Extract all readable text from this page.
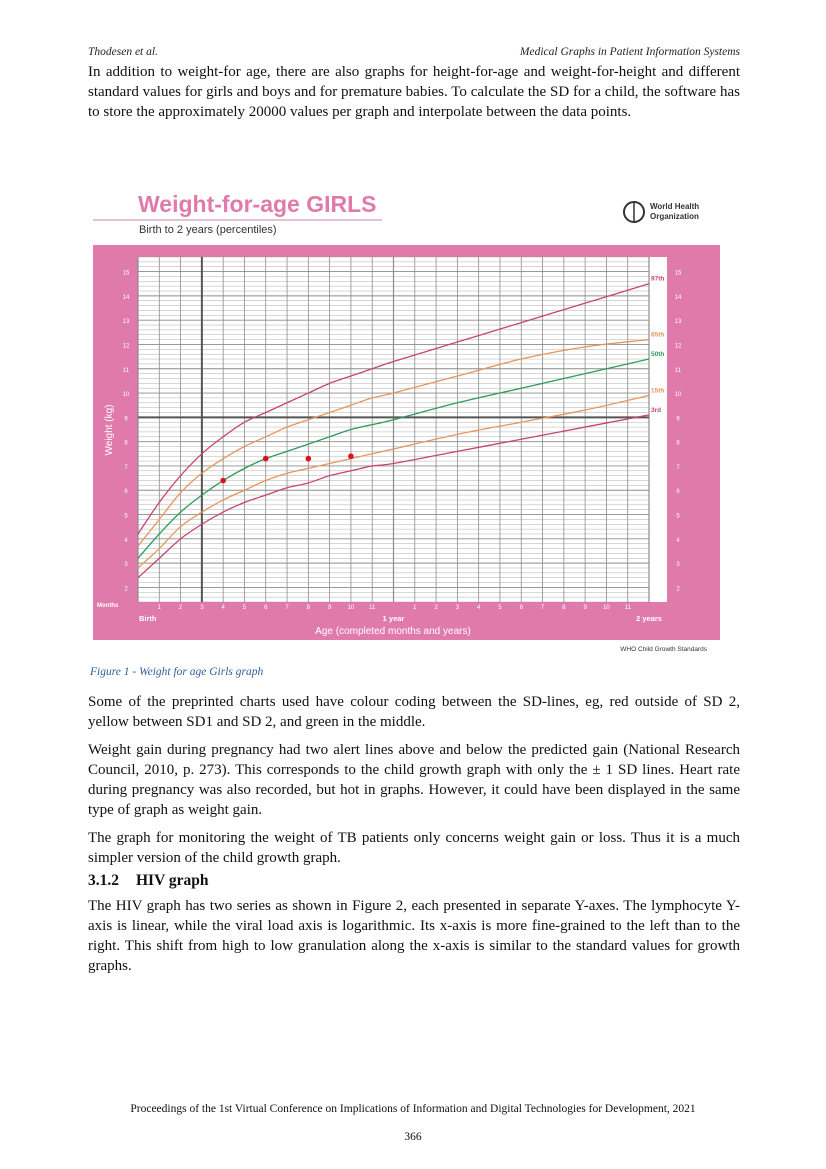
Thodesen et al.	Medical Graphs in Patient Information Systems
In addition to weight-for age, there are also graphs for height-for-age and weight-for-height and different standard values for girls and boys and for premature babies. To calculate the SD for a child, the software has to store the approximately 20000 values per graph and interpolate between the data points.
Weight-for-age GIRLS
Birth to 2 years (percentiles)
World Health
Organization
2	2
3	3
4	4
5	5
6	6
7	7
8	8
9	9
10	10
11	11
12	12
13	13
14	14
15	15
Weight (kg)
Months	1	2	3	4	5	6	7	8	9	10 11	1	2	3	4	5	6	7	8	9	10 11
Birth	1 year	2 years
Age (completed months and years)
WHO Child Growth Standards
97th
85th
50th
15th
3rd
Figure 1 - Weight for age Girls graph
Some of the preprinted charts used have colour coding between the SD-lines, eg, red outside of SD 2, yellow between SD1 and SD 2, and green in the middle.
Weight gain during pregnancy had two alert lines above and below the predicted gain (National Research Council, 2010, p. 273). This corresponds to the child growth graph with only the ± 1 SD lines. Heart rate during pregnancy was also recorded, but hot in graphs. However, it could have been displayed in the same type of graph as weight gain.
The graph for monitoring the weight of TB patients only concerns weight gain or loss. Thus it is a much simpler version of the child growth graph.
3.1.2 HIV graph
The HIV graph has two series as shown in Figure 2, each presented in separate Y-axes. The lymphocyte Y-axis is linear, while the viral load axis is logarithmic. Its x-axis is more fine-grained to the left than to the right. This shift from high to low granulation along the x-axis is similar to the standard values for growth graphs.
Proceedings of the 1st Virtual Conference on Implications of Information and Digital Technologies for Development, 2021
366
